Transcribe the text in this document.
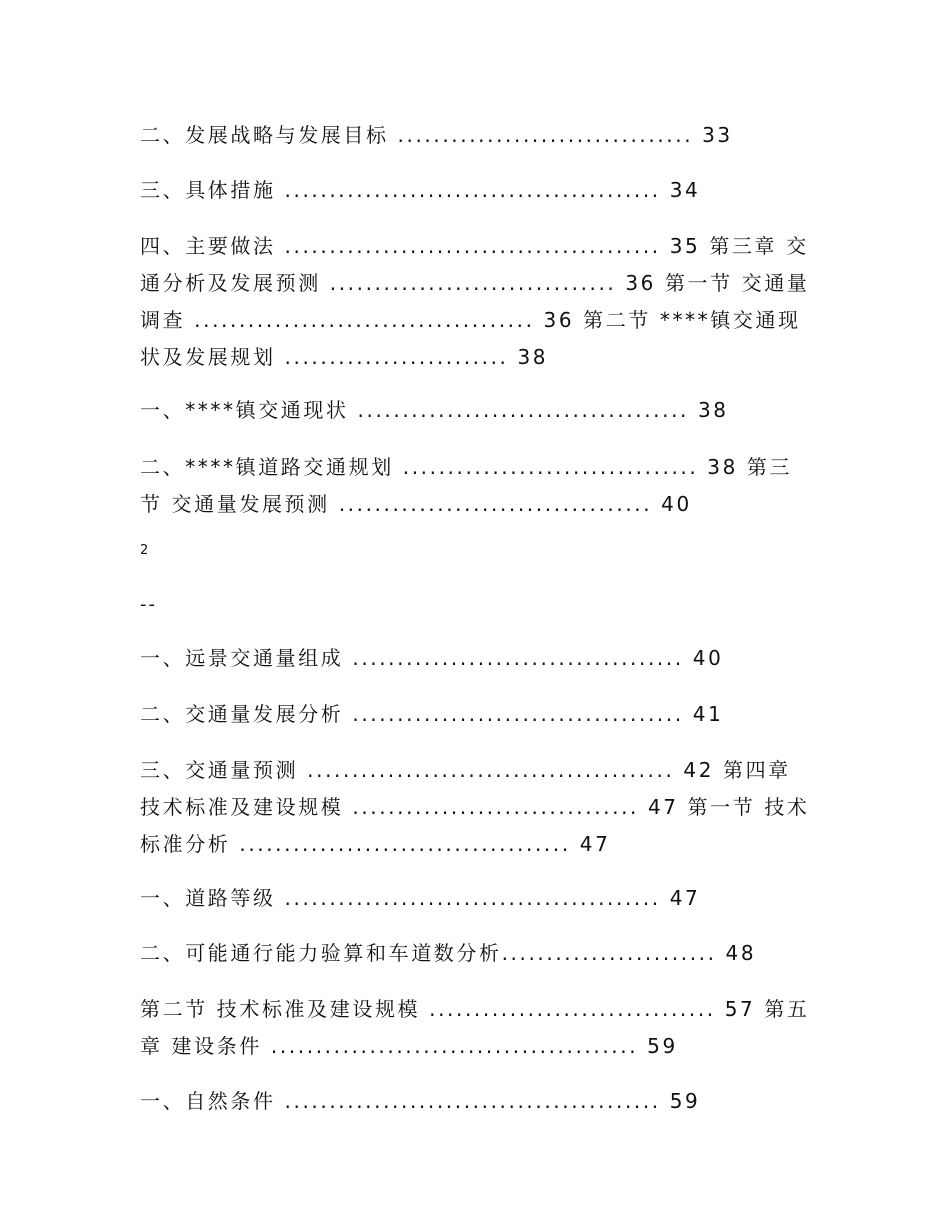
二、发展战略与发展目标 ................................. 33
三、具体措施 .......................................... 34
四、主要做法 .......................................... 35 第三章 交通分析及发展预测 ................................ 36 第一节 交通量调查 ...................................... 36 第二节 ****镇交通现状及发展规划 ......................... 38
一、****镇交通现状 ..................................... 38
二、****镇道路交通规划 ................................. 38 第三节 交通量发展预测 ................................... 40
2
--
一、远景交通量组成 ..................................... 40
二、交通量发展分析 ..................................... 41
三、交通量预测 ......................................... 42 第四章 技术标准及建设规模 ................................ 47 第一节 技术标准分析 ..................................... 47
一、道路等级 .......................................... 47
二、可能通行能力验算和车道数分析........................ 48
第二节 技术标准及建设规模 ................................ 57 第五章 建设条件 ......................................... 59
一、自然条件 .......................................... 59
